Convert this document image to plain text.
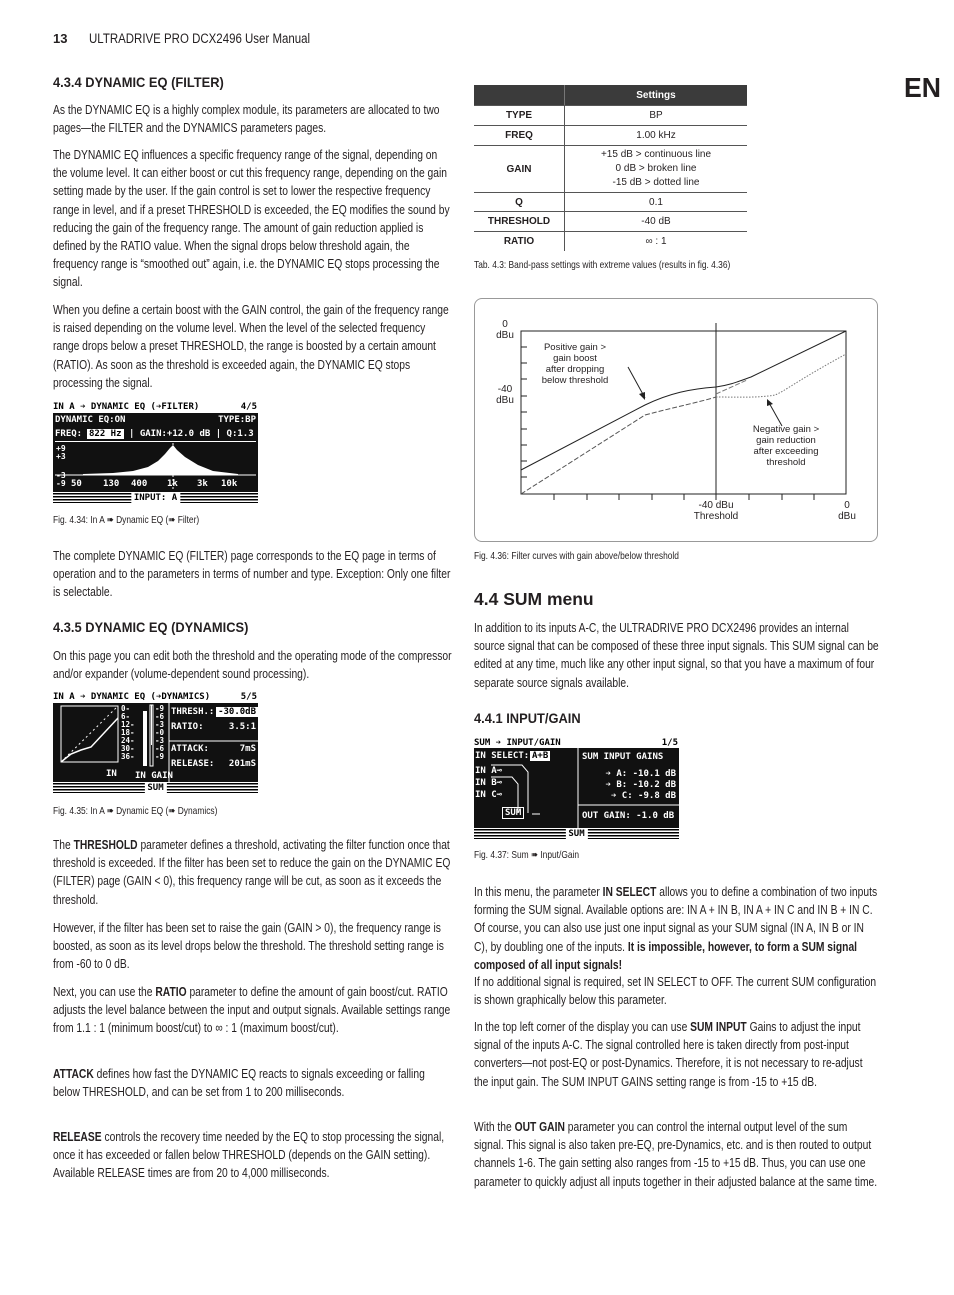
13 ULTRADRIVE PRO DCX2496 User Manual
EN
4.3.4 DYNAMIC EQ (FILTER)
As the DYNAMIC EQ is a highly complex module, its parameters are allocated to two pages—the FILTER and the DYNAMICS parameters pages.
The DYNAMIC EQ influences a specific frequency range of the signal, depending on the volume level. It can either boost or cut this frequency range, depending on the gain setting made by the user. If the gain control is set to lower the respective frequency range in level, and if a preset THRESHOLD is exceeded, the EQ modifies the sound by reducing the gain of the frequency range. The amount of gain reduction applied is defined by the RATIO value. When the signal drops below threshold again, the frequency range is “smoothed out” again, i.e. the DYNAMIC EQ stops processing the signal.
When you define a certain boost with the GAIN control, the gain of the frequency range is raised depending on the volume level. When the level of the selected frequency range drops below a preset THRESHOLD, the range is boosted by a certain amount (RATIO). As soon as the threshold is exceeded again, the DYNAMIC EQ stops processing the signal.
IN A ➔ DYNAMIC EQ (➔FILTER)	4/5
DYNAMIC EQ:ON	TYPE:BP
FREQ: 822 Hz | GAIN:+12.0 dB | Q:1.3
+9
+3
-3
-9 50 130 400 1k 3k 10k
INPUT: A
Fig. 4.34: In A ➠ Dynamic EQ (➠ Filter)
The complete DYNAMIC EQ (FILTER) page corresponds to the EQ page in terms of operation and to the parameters in terms of number and type. Exception: Only one filter is selectable.
4.3.5 DYNAMIC EQ (DYNAMICS)
On this page you can edit both the threshold and the operating mode of the compressor and/or expander (volume-dependent sound processing).
IN A ➔ DYNAMIC EQ (➔DYNAMICS)	5/5
0-
6-
12-
18-
24-
30-
36-
-9
-6
-3
-0
-3
-6
-9
IN IN GAIN
THRESH.: -30.0dB
RATIO:	3.5:1
ATTACK:	7mS
RELEASE: 201mS
SUM
Fig. 4.35: In A ➠ Dynamic EQ (➠ Dynamics)
The THRESHOLD parameter defines a threshold, activating the filter function once that threshold is exceeded. If the filter has been set to reduce the gain on the DYNAMIC EQ (FILTER) page (GAIN < 0), this frequency range will be cut, as soon as it exceeds the threshold.
However, if the filter has been set to raise the gain (GAIN > 0), the frequency range is boosted, as soon as its level drops below the threshold. The threshold setting range is from -60 to 0 dB.
Next, you can use the RATIO parameter to define the amount of gain boost/cut. RATIO adjusts the level balance between the input and output signals. Available settings range from 1.1 : 1 (minimum boost/cut) to ∞ : 1 (maximum boost/cut).
ATTACK defines how fast the DYNAMIC EQ reacts to signals exceeding or falling below THRESHOLD, and can be set from 1 to 200 milliseconds.
RELEASE controls the recovery time needed by the EQ to stop processing the signal, once it has exceeded or fallen below THRESHOLD (depends on the GAIN setting). Available RELEASE times are from 20 to 4,000 milliseconds.
	Settings
TYPE	BP
FREQ	1.00 kHz
GAIN	+15 dB > continuous line
0 dB > broken line
-15 dB > dotted line

Q	0.1
THRESHOLD	-40 dB
RATIO	∞ : 1
Tab. 4.3: Band-pass settings with extreme values (results in fig. 4.36)
0
dBu
-40
dBu
-40 dBu
Threshold
0
dBu
Positive gain >
gain boost
after dropping
below threshold
Negative gain >
gain reduction
after exceeding
threshold
Fig. 4.36: Filter curves with gain above/below threshold
4.4 SUM menu
In addition to its inputs A-C, the ULTRADRIVE PRO DCX2496 provides an internal source signal that can be composed of these three input signals. This SUM signal can be edited at any time, much like any other input signal, so that you have a maximum of four separate source signals available.
4.4.1 INPUT/GAIN
SUM ➔ INPUT/GAIN	1/5
IN SELECT: A+B
IN A⊸
IN B⊸
IN C⊸
SUM
SUM INPUT GAINS
➔ A: -10.1 dB
➔ B: -10.2 dB
➔ C: -9.8 dB
OUT GAIN: -1.0 dB
SUM
Fig. 4.37: Sum ➠ Input/Gain
In this menu, the parameter IN SELECT allows you to define a combination of two inputs forming the SUM signal. Available options are: IN A + IN B, IN A + IN C and IN B + IN C. Of course, you can also use just one input signal as your SUM signal (IN A, IN B or IN C), by doubling one of the inputs. It is impossible, however, to form a SUM signal composed of all input signals!
If no additional signal is required, set IN SELECT to OFF. The current SUM configuration is shown graphically below this parameter.
In the top left corner of the display you can use SUM INPUT Gains to adjust the input signal of the inputs A-C. The signal controlled here is taken directly from post-input converters—not post-EQ or post-Dynamics. Therefore, it is not necessary to re-adjust the input gain. The SUM INPUT GAINS setting range is from -15 to +15 dB.
With the OUT GAIN parameter you can control the internal output level of the sum signal. This signal is also taken pre-EQ, pre-Dynamics, etc. and is then routed to output channels 1-6. The gain setting also ranges from -15 to +15 dB. Thus, you can use one parameter to quickly adjust all inputs together in their adjusted balance at the same time.
